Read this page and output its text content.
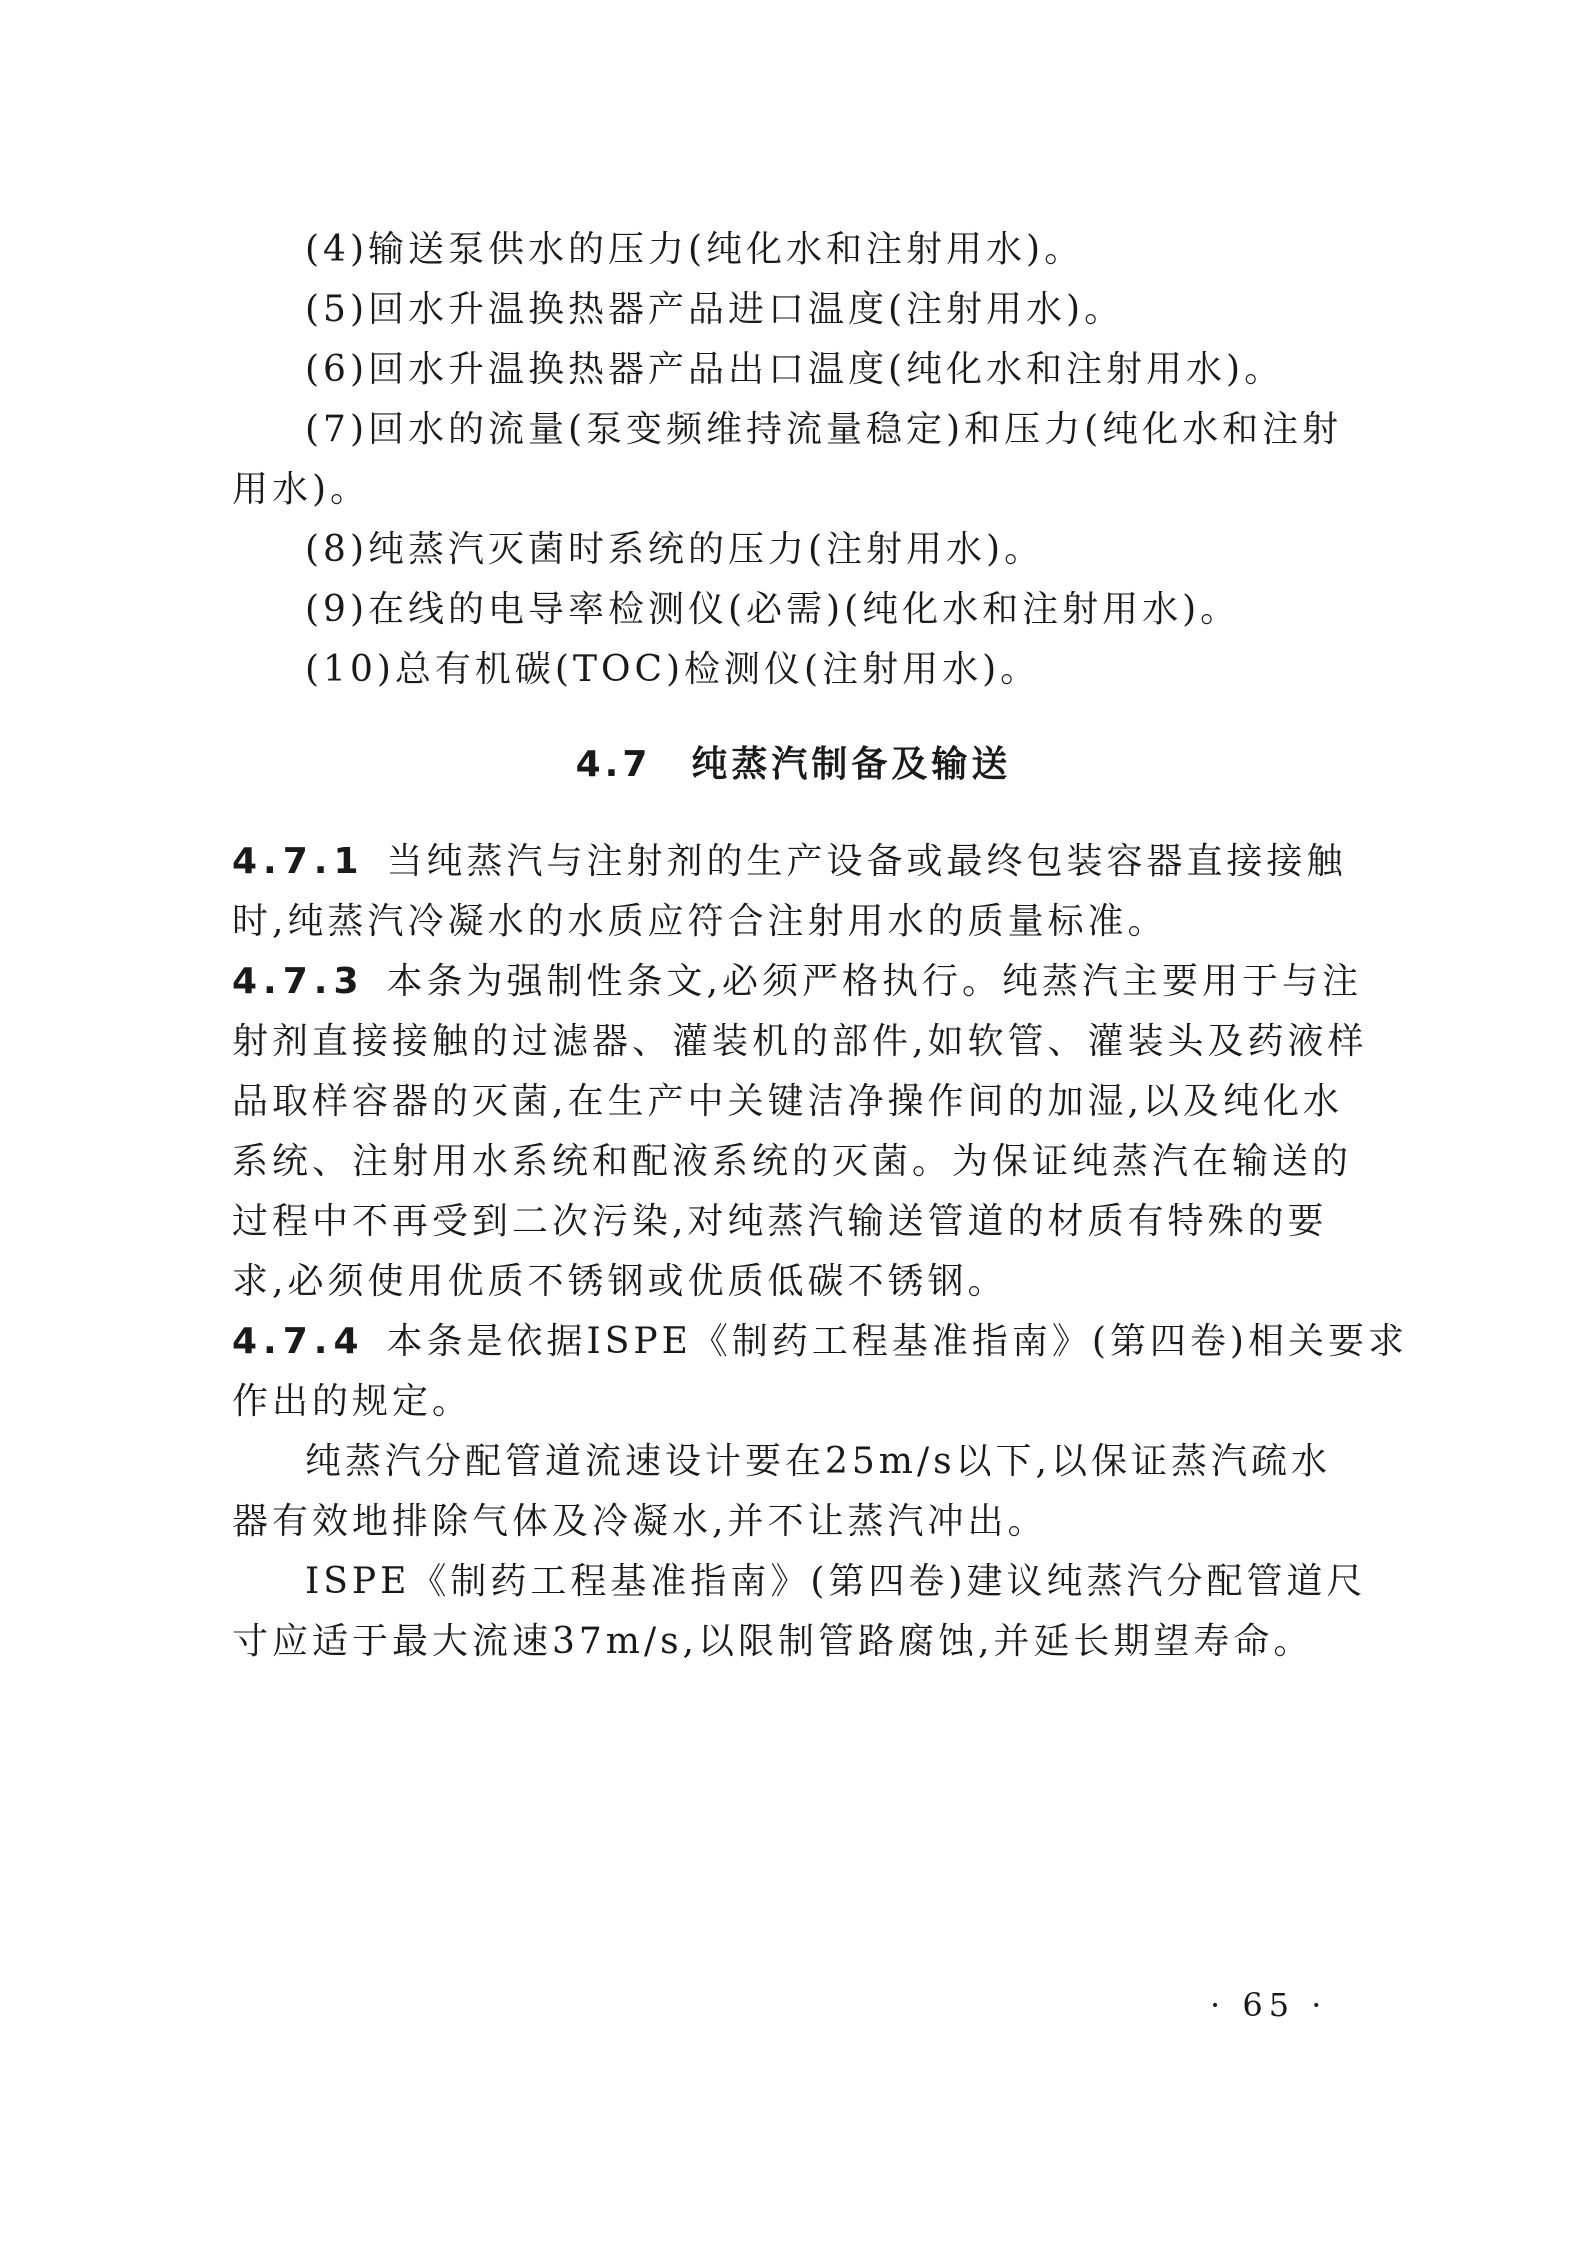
(4)输送泵供水的压力(纯化水和注射用水)。
(5)回水升温换热器产品进口温度(注射用水)。
(6)回水升温换热器产品出口温度(纯化水和注射用水)。
(7)回水的流量(泵变频维持流量稳定)和压力(纯化水和注射
用水)。
(8)纯蒸汽灭菌时系统的压力(注射用水)。
(9)在线的电导率检测仪(必需)(纯化水和注射用水)。
(10)总有机碳(TOC)检测仪(注射用水)。
4.7 纯蒸汽制备及输送
4.7.1 当纯蒸汽与注射剂的生产设备或最终包装容器直接接触
时,纯蒸汽冷凝水的水质应符合注射用水的质量标准。
4.7.3 本条为强制性条文,必须严格执行。纯蒸汽主要用于与注
射剂直接接触的过滤器、灌装机的部件,如软管、灌装头及药液样
品取样容器的灭菌,在生产中关键洁净操作间的加湿,以及纯化水
系统、注射用水系统和配液系统的灭菌。为保证纯蒸汽在输送的
过程中不再受到二次污染,对纯蒸汽输送管道的材质有特殊的要
求,必须使用优质不锈钢或优质低碳不锈钢。
4.7.4 本条是依据ISPE《制药工程基准指南》(第四卷)相关要求
作出的规定。
纯蒸汽分配管道流速设计要在25m/s以下,以保证蒸汽疏水
器有效地排除气体及冷凝水,并不让蒸汽冲出。
ISPE《制药工程基准指南》(第四卷)建议纯蒸汽分配管道尺
寸应适于最大流速37m/s,以限制管路腐蚀,并延长期望寿命。
· 65 ·
